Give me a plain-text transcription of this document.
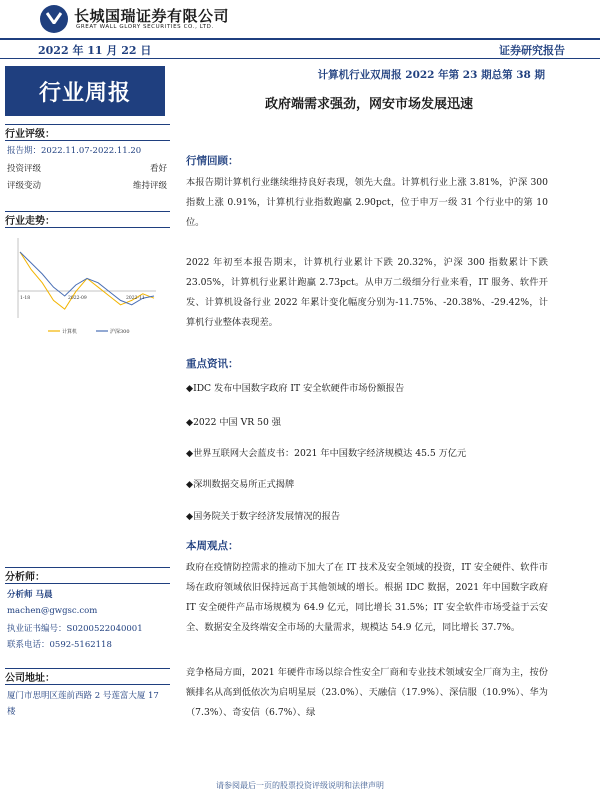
长城国瑞证券有限公司
GREAT WALL GLORY SECURITIES CO., LTD.
2022 年 11 月 22 日	证券研究报告
行业周报
计算机行业双周报 2022 年第 23 期总第 38 期
政府端需求强劲，网安市场发展迅速
行业评级：
报告期：2022.11.07-2022.11.20
投资评级	看好
评级变动	维持评级
行业走势：
1-18	2022-09	2022-11
计算机	沪深300
分析师：
分析师 马晨
machen@gwgsc.com
执业证书编号：S0200522040001
联系电话：0592-5162118
公司地址：
厦门市思明区莲前西路 2 号莲富大厦 17 楼
行情回顾：
本报告期计算机行业继续维持良好表现，领先大盘。计算机行业上涨 3.81%，沪深 300 指数上涨 0.91%，计算机行业指数跑赢 2.90pct，位于申万一级 31 个行业中的第 10 位。
2022 年初至本报告期末，计算机行业累计下跌 20.32%，沪深 300 指数累计下跌 23.05%，计算机行业累计跑赢 2.73pct。从申万二级细分行业来看，IT 服务、软件开发、计算机设备行业 2022 年累计变化幅度分别为-11.75%、-20.38%、-29.42%，计算机行业整体表现差。
重点资讯：
◆IDC 发布中国数字政府 IT 安全软硬件市场份额报告
◆2022 中国 VR 50 强
◆世界互联网大会蓝皮书：2021 年中国数字经济规模达 45.5 万亿元
◆深圳数据交易所正式揭牌
◆国务院关于数字经济发展情况的报告
本周观点：
政府在疫情防控需求的推动下加大了在 IT 技术及安全领域的投资，IT 安全硬件、软件市场在政府领域依旧保持远高于其他领域的增长。根据 IDC 数据，2021 年中国数字政府 IT 安全硬件产品市场规模为 64.9 亿元，同比增长 31.5%；IT 安全软件市场受益于云安全、数据安全及终端安全市场的大量需求，规模达 54.9 亿元，同比增长 37.7%。
竞争格局方面，2021 年硬件市场以综合性安全厂商和专业技术领域安全厂商为主，按份额排名从高到低依次为启明星辰（23.0%）、天融信（17.9%）、深信服（10.9%）、华为（7.3%）、奇安信（6.7%）、绿
请参阅最后一页的股票投资评级说明和法律声明
